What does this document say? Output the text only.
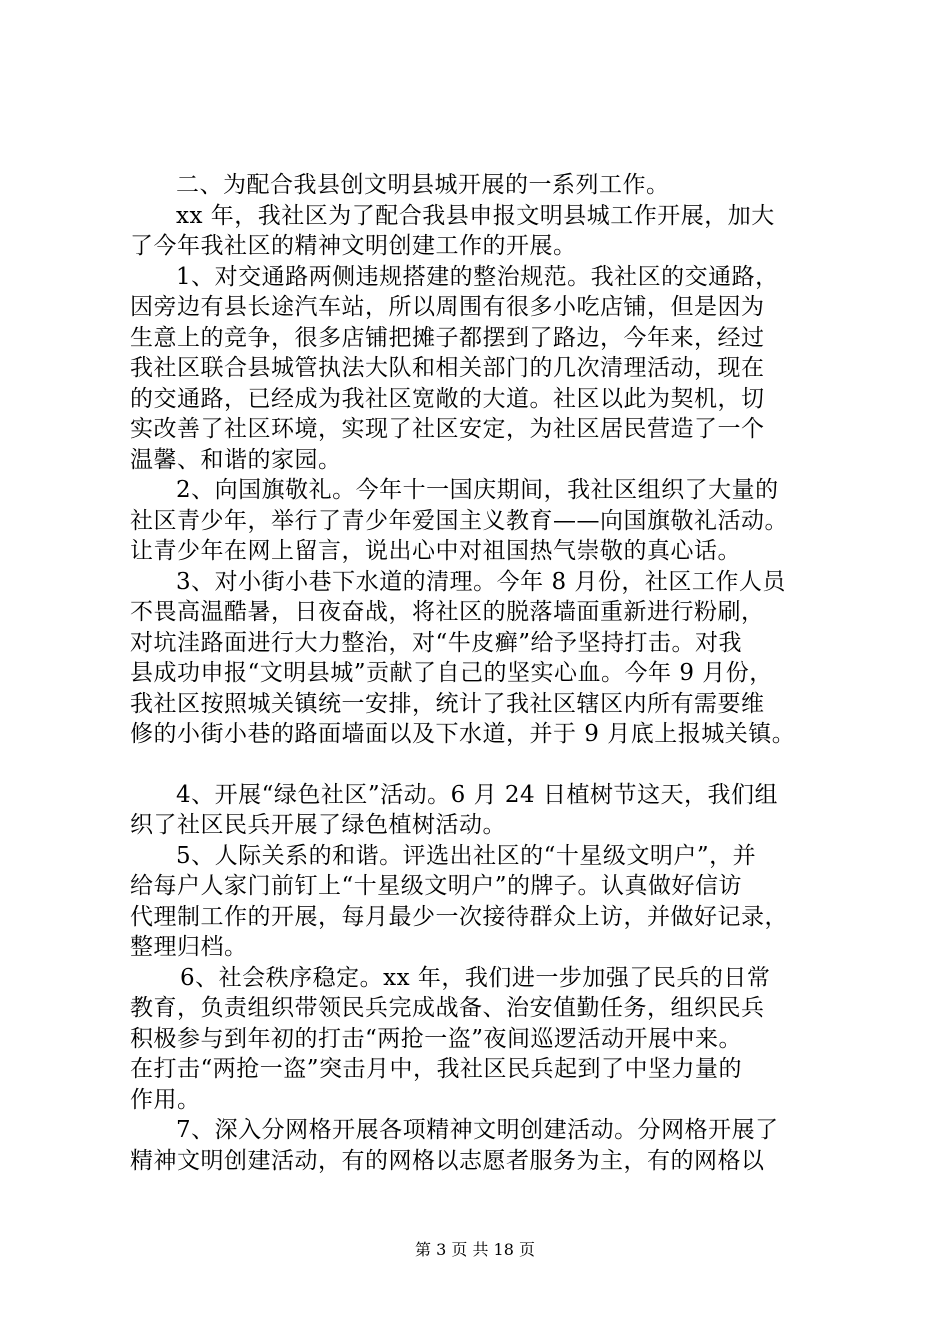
二、为配合我县创文明县城开展的一系列工作。
xx 年，我社区为了配合我县申报文明县城工作开展，加大
了今年我社区的精神文明创建工作的开展。
1、对交通路两侧违规搭建的整治规范。我社区的交通路，
因旁边有县长途汽车站，所以周围有很多小吃店铺，但是因为
生意上的竞争，很多店铺把摊子都摆到了路边，今年来，经过
我社区联合县城管执法大队和相关部门的几次清理活动，现在
的交通路，已经成为我社区宽敞的大道。社区以此为契机，切
实改善了社区环境，实现了社区安定，为社区居民营造了一个
温馨、和谐的家园。
2、向国旗敬礼。今年十一国庆期间，我社区组织了大量的
社区青少年，举行了青少年爱国主义教育——向国旗敬礼活动。
让青少年在网上留言，说出心中对祖国热气崇敬的真心话。
3、对小街小巷下水道的清理。今年 8 月份，社区工作人员
不畏高温酷暑，日夜奋战，将社区的脱落墙面重新进行粉刷，
对坑洼路面进行大力整治，对“牛皮癣”给予坚持打击。对我
县成功申报“文明县城”贡献了自己的坚实心血。今年 9 月份，
我社区按照城关镇统一安排，统计了我社区辖区内所有需要维
修的小街小巷的路面墙面以及下水道，并于 9 月底上报城关镇。
4、开展“绿色社区”活动。6 月 24 日植树节这天，我们组
织了社区民兵开展了绿色植树活动。
5、人际关系的和谐。评选出社区的“十星级文明户”，并
给每户人家门前钉上“十星级文明户”的牌子。认真做好信访
代理制工作的开展，每月最少一次接待群众上访，并做好记录，
整理归档。
6、社会秩序稳定。xx 年，我们进一步加强了民兵的日常
教育，负责组织带领民兵完成战备、治安值勤任务，组织民兵
积极参与到年初的打击“两抢一盗”夜间巡逻活动开展中来。
在打击“两抢一盗”突击月中，我社区民兵起到了中坚力量的
作用。
7、深入分网格开展各项精神文明创建活动。分网格开展了
精神文明创建活动，有的网格以志愿者服务为主，有的网格以
第 3 页 共 18 页
